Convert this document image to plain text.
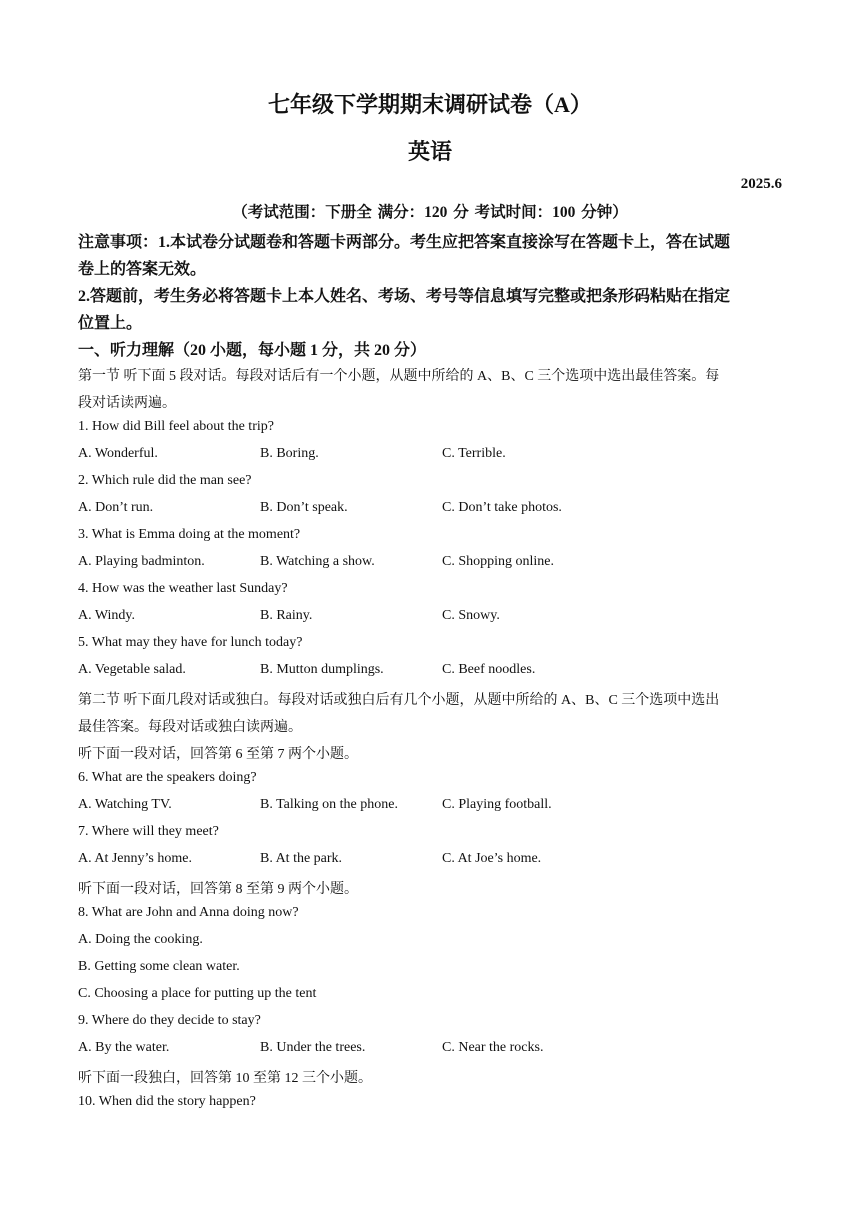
七年级下学期期末调研试卷（A）
英语
2025.6
（考试范围：下册全 满分：120 分 考试时间：100 分钟）
注意事项：1.本试卷分试题卷和答题卡两部分。考生应把答案直接涂写在答题卡上，答在试题
卷上的答案无效。
2.答题前，考生务必将答题卡上本人姓名、考场、考号等信息填写完整或把条形码粘贴在指定
位置上。
一、听力理解（20 小题，每小题 1 分，共 20 分）
第一节 听下面 5 段对话。每段对话后有一个小题，从题中所给的 A、B、C 三个选项中选出最佳答案。每
段对话读两遍。
1. How did Bill feel about the trip?
A. Wonderful.	B. Boring.	C. Terrible.
2. Which rule did the man see?
A. Don’t run.	B. Don’t speak.	C. Don’t take photos.
3. What is Emma doing at the moment?
A. Playing badminton.	B. Watching a show.	C. Shopping online.
4. How was the weather last Sunday?
A. Windy.	B. Rainy.	C. Snowy.
5. What may they have for lunch today?
A. Vegetable salad.	B. Mutton dumplings.	C. Beef noodles.
第二节 听下面几段对话或独白。每段对话或独白后有几个小题，从题中所给的 A、B、C 三个选项中选出
最佳答案。每段对话或独白读两遍。
听下面一段对话，回答第 6 至第 7 两个小题。
6. What are the speakers doing?
A. Watching TV.	B. Talking on the phone.	C. Playing football.
7. Where will they meet?
A. At Jenny’s home.	B. At the park.	C. At Joe’s home.
听下面一段对话，回答第 8 至第 9 两个小题。
8. What are John and Anna doing now?
A. Doing the cooking.
B. Getting some clean water.
C. Choosing a place for putting up the tent
9. Where do they decide to stay?
A. By the water.	B. Under the trees.	C. Near the rocks.
听下面一段独白，回答第 10 至第 12 三个小题。
10. When did the story happen?
